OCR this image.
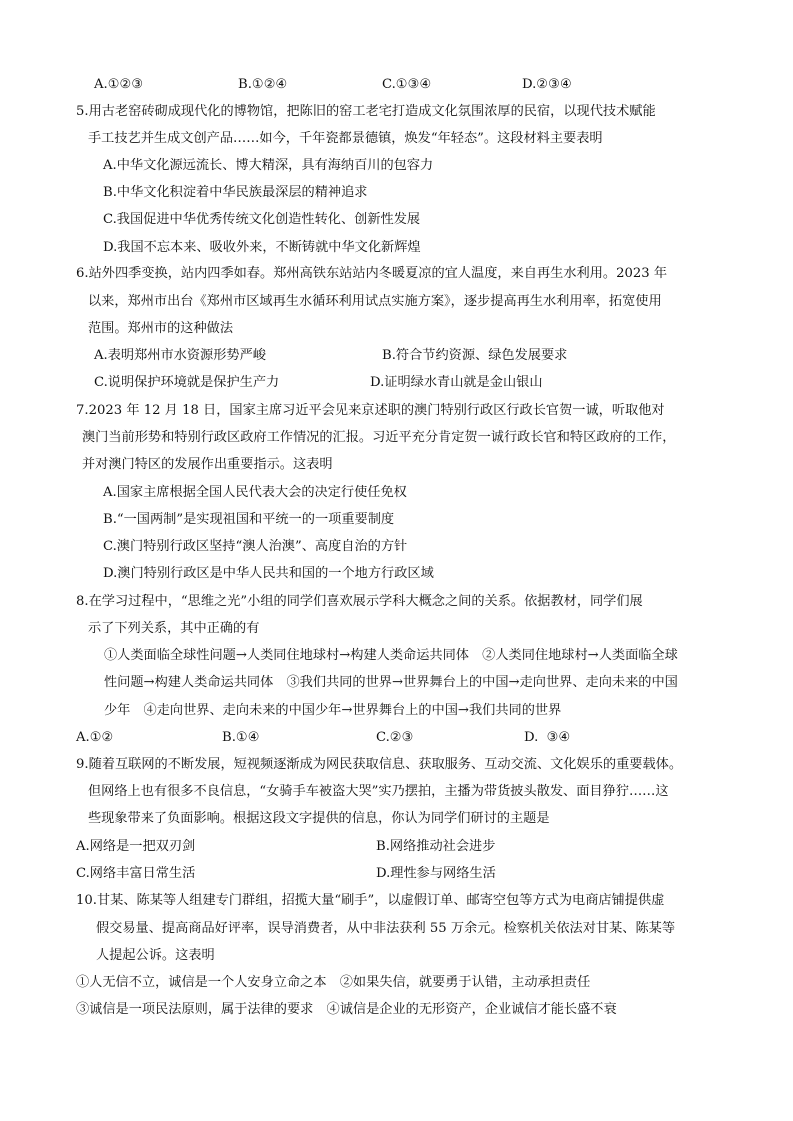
A.①②③	B.①②④	C.①③④	D.②③④
5.用古老窑砖砌成现代化的博物馆，把陈旧的窑工老宅打造成文化氛围浓厚的民宿，以现代技术赋能
手工技艺并生成文创产品……如今，千年瓷都景德镇，焕发“年轻态”。这段材料主要表明
A.中华文化源远流长、博大精深，具有海纳百川的包容力
B.中华文化积淀着中华民族最深层的精神追求
C.我国促进中华优秀传统文化创造性转化、创新性发展
D.我国不忘本来、吸收外来，不断铸就中华文化新辉煌
6.站外四季变换，站内四季如春。郑州高铁东站站内冬暖夏凉的宜人温度，来自再生水利用。2023 年
以来，郑州市出台《郑州市区域再生水循环利用试点实施方案》，逐步提高再生水利用率，拓宽使用
范围。郑州市的这种做法
A.表明郑州市水资源形势严峻	B.符合节约资源、绿色发展要求
C.说明保护环境就是保护生产力	D.证明绿水青山就是金山银山
7.2023 年 12 月 18 日，国家主席习近平会见来京述职的澳门特别行政区行政长官贺一诚，听取他对
澳门当前形势和特别行政区政府工作情况的汇报。习近平充分肯定贺一诚行政长官和特区政府的工作，
并对澳门特区的发展作出重要指示。这表明
A.国家主席根据全国人民代表大会的决定行使任免权
B.“一国两制”是实现祖国和平统一的一项重要制度
C.澳门特别行政区坚持“澳人治澳”、高度自治的方针
D.澳门特别行政区是中华人民共和国的一个地方行政区域
8.在学习过程中，“思维之光”小组的同学们喜欢展示学科大概念之间的关系。依据教材，同学们展
示了下列关系，其中正确的有
①人类面临全球性问题→人类同住地球村→构建人类命运共同体　②人类同住地球村→人类面临全球
性问题→构建人类命运共同体　③我们共同的世界→世界舞台上的中国→走向世界、走向未来的中国
少年　④走向世界、走向未来的中国少年→世界舞台上的中国→我们共同的世界
A.①②	B.①④	C.②③	D.  ③④
9.随着互联网的不断发展，短视频逐渐成为网民获取信息、获取服务、互动交流、文化娱乐的重要载体。
但网络上也有很多不良信息，“女骑手车被盗大哭”实乃摆拍，主播为带货披头散发、面目狰狞……这
些现象带来了负面影响。根据这段文字提供的信息，你认为同学们研讨的主题是
A.网络是一把双刃剑	B.网络推动社会进步
C.网络丰富日常生活	D.理性参与网络生活
10.甘某、陈某等人组建专门群组，招揽大量“刷手”，以虚假订单、邮寄空包等方式为电商店铺提供虚
假交易量、提高商品好评率，误导消费者，从中非法获利 55 万余元。检察机关依法对甘某、陈某等
人提起公诉。这表明
①人无信不立，诚信是一个人安身立命之本　②如果失信，就要勇于认错，主动承担责任
③诚信是一项民法原则，属于法律的要求　④诚信是企业的无形资产，企业诚信才能长盛不衰
